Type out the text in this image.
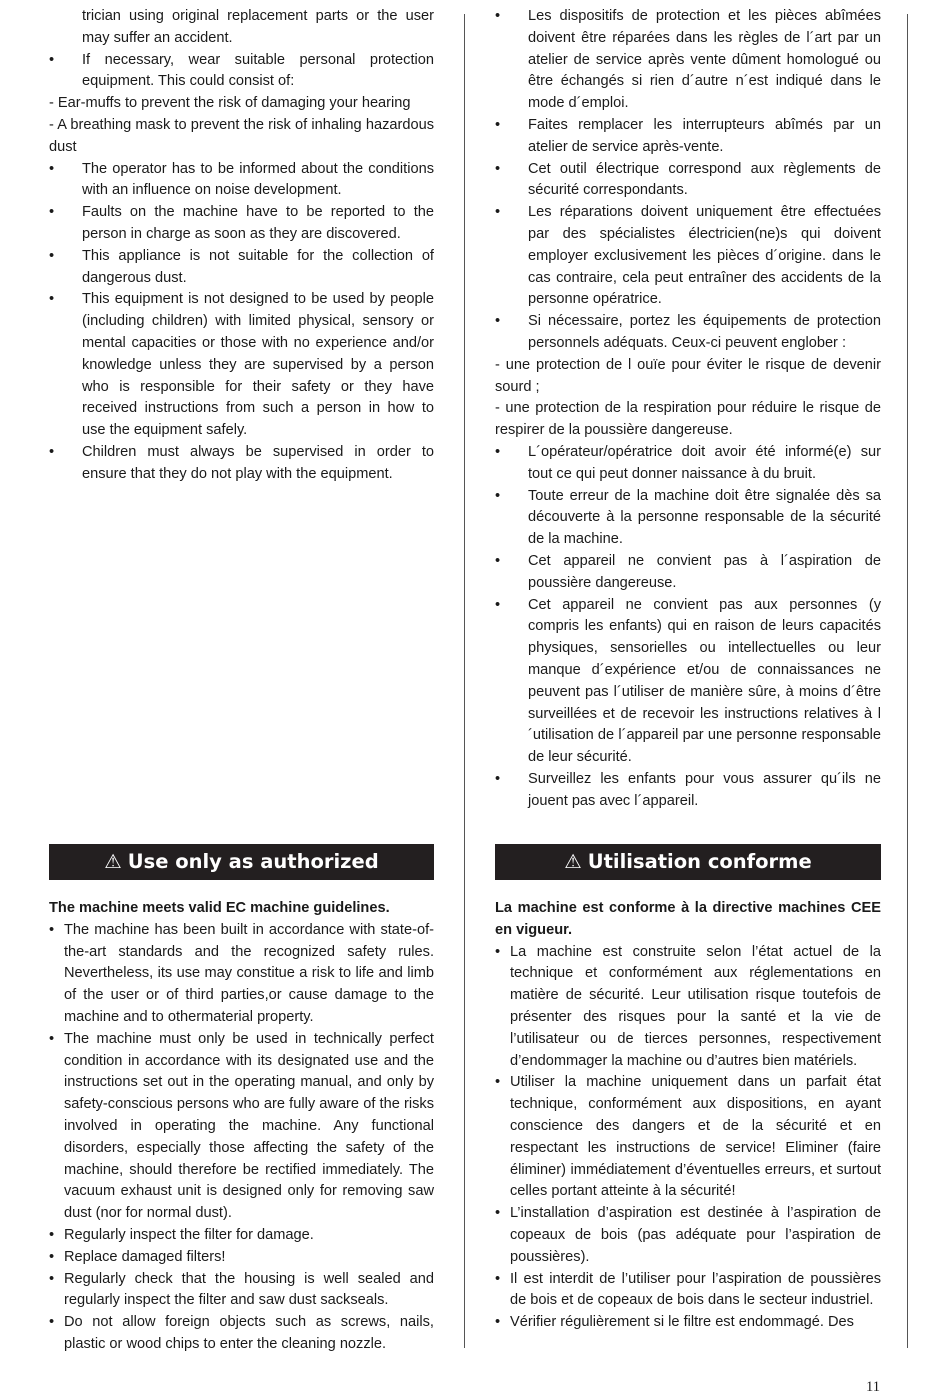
trician using original replacement parts or the user may suffer an accident.
• If necessary, wear suitable personal protection equipment. This could consist of:
- Ear-muffs to prevent the risk of damaging your hearing
- A breathing mask to prevent the risk of inhaling hazardous dust
• The operator has to be informed about the conditions with an influence on noise development.
• Faults on the machine have to be reported to the person in charge as soon as they are discovered.
• This appliance is not suitable for the collection of dangerous dust.
• This equipment is not designed to be used by people (including children) with limited physical, sensory or mental capacities or those with no experience and/or knowledge unless they are supervised by a person who is responsible for their safety or they have received instructions from such a person in how to use the equipment safely.
• Children must always be supervised in order to ensure that they do not play with the equipment.
• Les dispositifs de protection et les pièces abîmées doivent être réparées dans les règles de l´art par un atelier de service après vente dûment homologué ou être échangés si rien d´autre n´est indiqué dans le mode d´emploi.
• Faites remplacer les interrupteurs abîmés par un atelier de service après-vente.
• Cet outil électrique correspond aux règlements de sécurité correspondants.
• Les réparations doivent uniquement être effectuées par des spécialistes électricien(ne)s qui doivent employer exclusivement les pièces d´origine. dans le cas contraire, cela peut entraîner des accidents de la personne opératrice.
• Si nécessaire, portez les équipements de protection personnels adéquats. Ceux-ci peuvent englober :
- une protection de l ouïe pour éviter le risque de devenir sourd ;
- une protection de la respiration pour réduire le risque de respirer de la poussière dangereuse.
• L´opérateur/opératrice doit avoir été informé(e) sur tout ce qui peut donner naissance à du bruit.
• Toute erreur de la machine doit être signalée dès sa découverte à la personne responsable de la sécurité de la machine.
• Cet appareil ne convient pas à l´aspiration de poussière dangereuse.
• Cet appareil ne convient pas aux personnes (y compris les enfants) qui en raison de leurs capacités physiques, sensorielles ou intellectuelles ou leur manque d´expérience et/ou de connaissances ne peuvent pas l´utiliser de manière sûre, à moins d´être surveillées et de recevoir les instructions relatives à l´utilisation de l´appareil par une personne responsable de leur sécurité.
• Surveillez les enfants pour vous assurer qu´ils ne jouent pas avec l´appareil.
⚠ Use only as authorized
The machine meets valid EC machine guidelines.
• The machine has been built in accordance with state-of-the-art standards and the recognized safety rules. Nevertheless, its use may constitue a risk to life and limb of the user or of third parties,or cause damage to the machine and to othermaterial property.
• The machine must only be used in technically perfect condition in accordance with its designated use and the instructions set out in the operating manual, and only by safety-conscious persons who are fully aware of the risks involved in operating the machine. Any functional disorders, especially those affecting the safety of the machine, should therefore be rectified immediately. The vacuum exhaust unit is designed only for removing saw dust (nor for normal dust).
• Regularly inspect the filter for damage.
• Replace damaged filters!
• Regularly check that the housing is well sealed and regularly inspect the filter and saw dust sackseals.
• Do not allow foreign objects such as screws, nails, plastic or wood chips to enter the cleaning nozzle.
⚠ Utilisation conforme
La machine est conforme à la directive machines CEE en vigueur.
• La machine est construite selon l’état actuel de la technique et conformément aux réglementations en matière de sécurité. Leur utilisation risque toutefois de présenter des risques pour la santé et la vie de l’utilisateur ou de tierces personnes, respectivement d’endommager la machine ou d’autres bien matériels.
• Utiliser la machine uniquement dans un parfait état technique, conformément aux dispositions, en ayant conscience des dangers et de la sécurité et en respectant les instructions de service! Eliminer (faire éliminer) immédiatement d’éventuelles erreurs, et surtout celles portant atteinte à la sécurité!
• L’installation d’aspiration est destinée à l’aspiration de copeaux de bois (pas adéquate pour l’aspiration de poussières).
• Il est interdit de l’utiliser pour l’aspiration de poussières de bois et de copeaux de bois dans le secteur industriel.
• Vérifier régulièrement si le filtre est endommagé. Des
11
